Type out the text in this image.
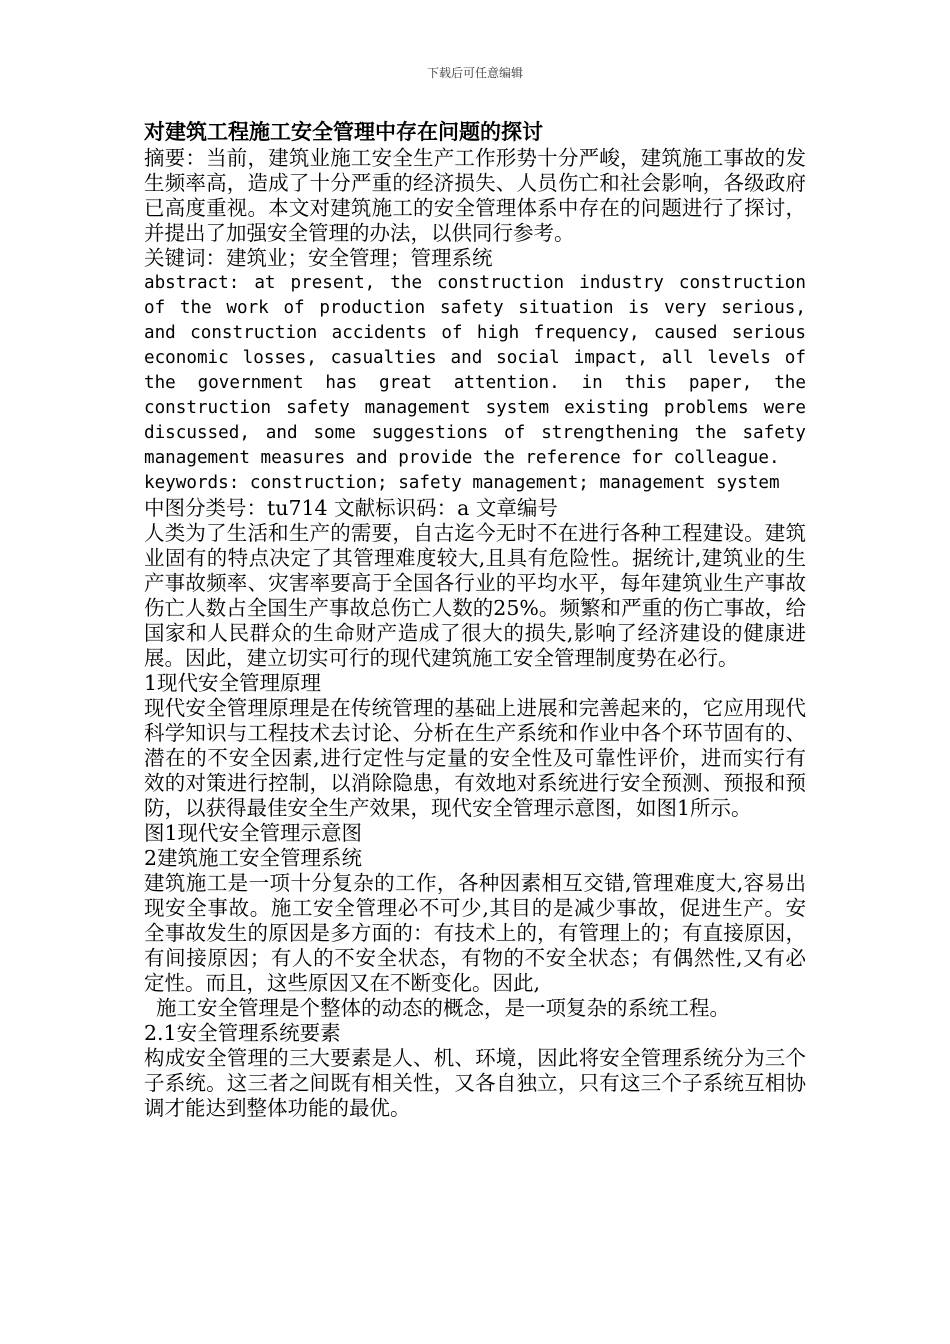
下载后可任意编辑

对建筑工程施工安全管理中存在问题的探讨

摘要：当前，建筑业施工安全生产工作形势十分严峻，建筑施工事故的发生频率高，造成了十分严重的经济损失、人员伤亡和社会影响，各级政府已高度重视。本文对建筑施工的安全管理体系中存在的问题进行了探讨，并提出了加强安全管理的办法，以供同行参考。

关键词：建筑业；安全管理；管理系统

abstract: at present, the construction industry construction of the work of production safety situation is very serious, and construction accidents of high frequency, caused serious economic losses, casualties and social impact, all levels of the government has great attention. in this paper, the construction safety management system existing problems were discussed, and some suggestions of strengthening the safety management measures and provide the reference for colleague.

keywords: construction; safety management; management system

中图分类号：tu714 文献标识码：a 文章编号

人类为了生活和生产的需要，自古迄今无时不在进行各种工程建设。建筑业固有的特点决定了其管理难度较大,且具有危险性。据统计,建筑业的生产事故频率、灾害率要高于全国各行业的平均水平，每年建筑业生产事故伤亡人数占全国生产事故总伤亡人数的25%。频繁和严重的伤亡事故，给国家和人民群众的生命财产造成了很大的损失,影响了经济建设的健康进展。因此，建立切实可行的现代建筑施工安全管理制度势在必行。

1现代安全管理原理

现代安全管理原理是在传统管理的基础上进展和完善起来的，它应用现代科学知识与工程技术去讨论、分析在生产系统和作业中各个环节固有的、潜在的不安全因素,进行定性与定量的安全性及可靠性评价，进而实行有效的对策进行控制，以消除隐患，有效地对系统进行安全预测、预报和预防，以获得最佳安全生产效果，现代安全管理示意图，如图1所示。

图1现代安全管理示意图

2建筑施工安全管理系统

建筑施工是一项十分复杂的工作，各种因素相互交错,管理难度大,容易出现安全事故。施工安全管理必不可少,其目的是减少事故，促进生产。安全事故发生的原因是多方面的：有技术上的，有管理上的；有直接原因，有间接原因；有人的不安全状态，有物的不安全状态；有偶然性,又有必定性。而且，这些原因又在不断变化。因此,

施工安全管理是个整体的动态的概念，是一项复杂的系统工程。

2.1安全管理系统要素

构成安全管理的三大要素是人、机、环境，因此将安全管理系统分为三个子系统。这三者之间既有相关性，又各自独立，只有这三个子系统互相协调才能达到整体功能的最优。
